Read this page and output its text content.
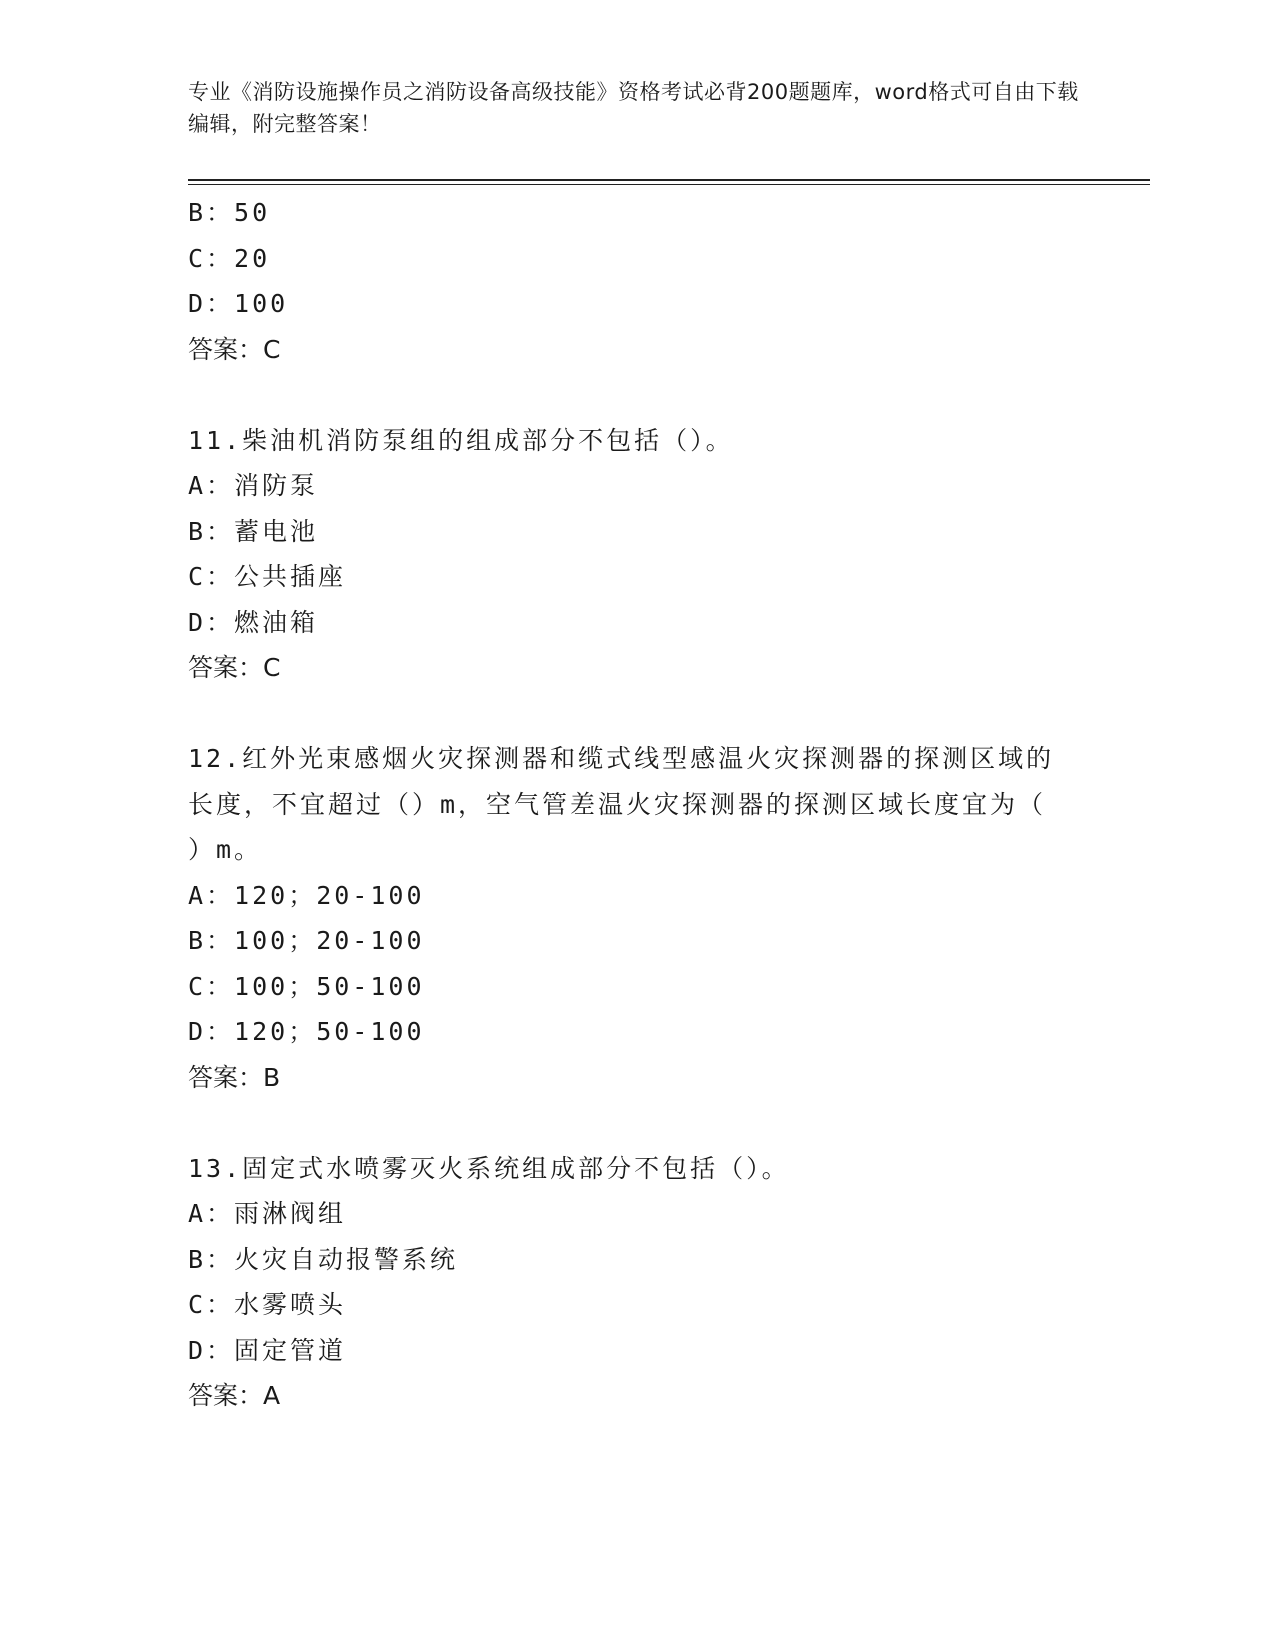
专业《消防设施操作员之消防设备高级技能》资格考试必背200题题库，word格式可自由下载编辑，附完整答案！
B：50
C：20
D：100
答案：C
11.柴油机消防泵组的组成部分不包括（）。
A：消防泵
B：蓄电池
C：公共插座
D：燃油箱
答案：C
12.红外光束感烟火灾探测器和缆式线型感温火灾探测器的探测区域的
长度，不宜超过（）m，空气管差温火灾探测器的探测区域长度宜为（
）m。
A：120；20-100
B：100；20-100
C：100；50-100
D：120；50-100
答案：B
13.固定式水喷雾灭火系统组成部分不包括（）。
A：雨淋阀组
B：火灾自动报警系统
C：水雾喷头
D：固定管道
答案：A
